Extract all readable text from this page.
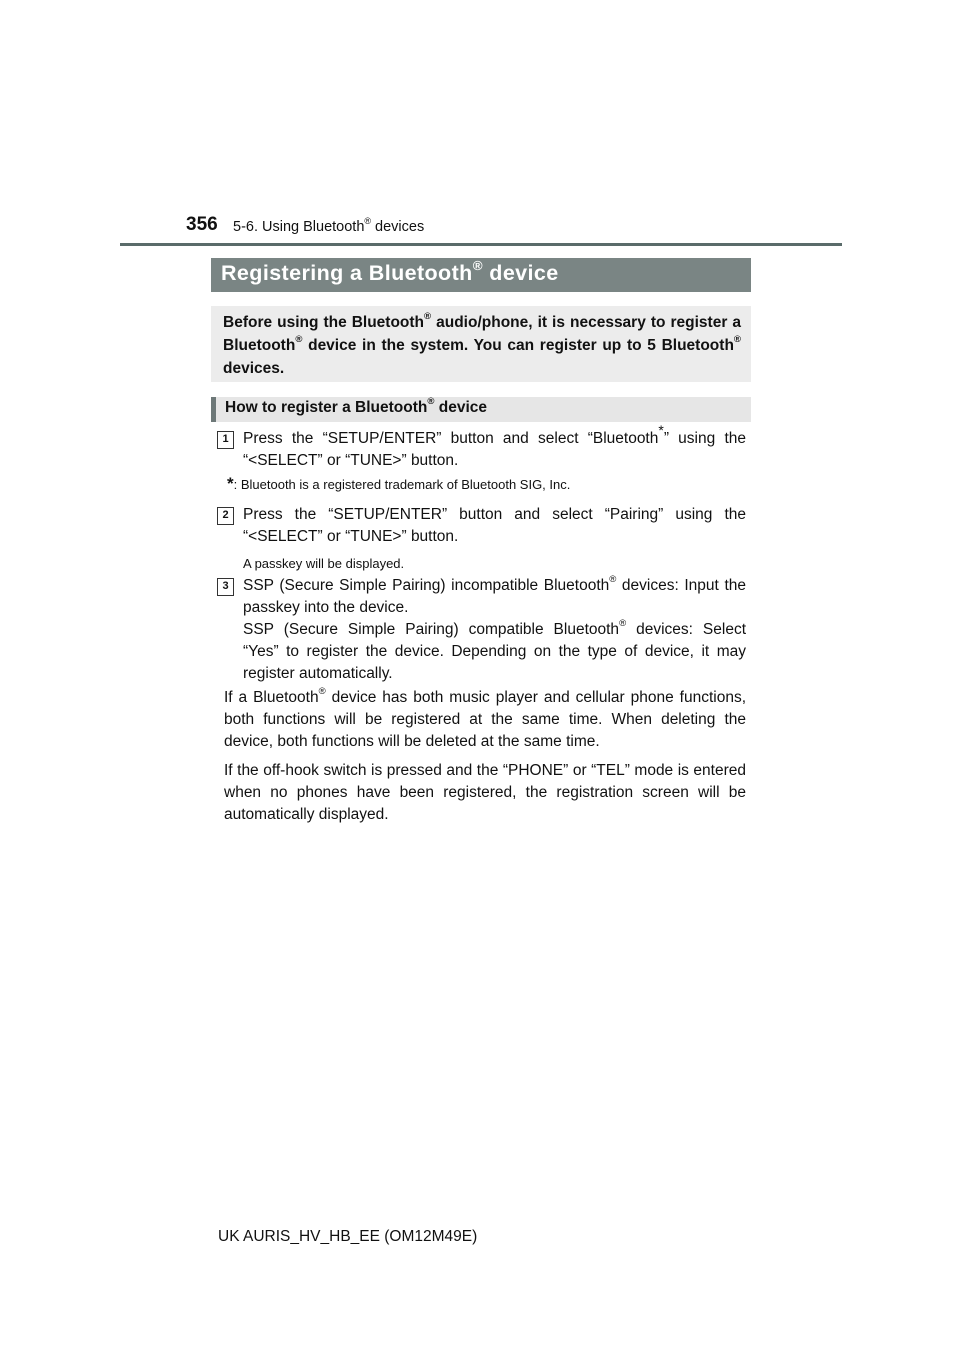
356 5-6. Using Bluetooth® devices
Registering a Bluetooth® device
Before using the Bluetooth® audio/phone, it is necessary to register a Bluetooth® device in the system. You can register up to 5 Bluetooth® devices.
How to register a Bluetooth® device
1 Press the “SETUP/ENTER” button and select “Bluetooth*” using the “<SELECT” or “TUNE>” button.
*: Bluetooth is a registered trademark of Bluetooth SIG, Inc.
2 Press the “SETUP/ENTER” button and select “Pairing” using the “<SELECT” or “TUNE>” button.
A passkey will be displayed.
3 SSP (Secure Simple Pairing) incompatible Bluetooth® devices: Input the passkey into the device.
SSP (Secure Simple Pairing) compatible Bluetooth® devices: Select “Yes” to register the device. Depending on the type of device, it may register automatically.
If a Bluetooth® device has both music player and cellular phone functions, both functions will be registered at the same time. When deleting the device, both functions will be deleted at the same time.
If the off-hook switch is pressed and the “PHONE” or “TEL” mode is entered when no phones have been registered, the registration screen will be automatically displayed.
UK AURIS_HV_HB_EE (OM12M49E)
